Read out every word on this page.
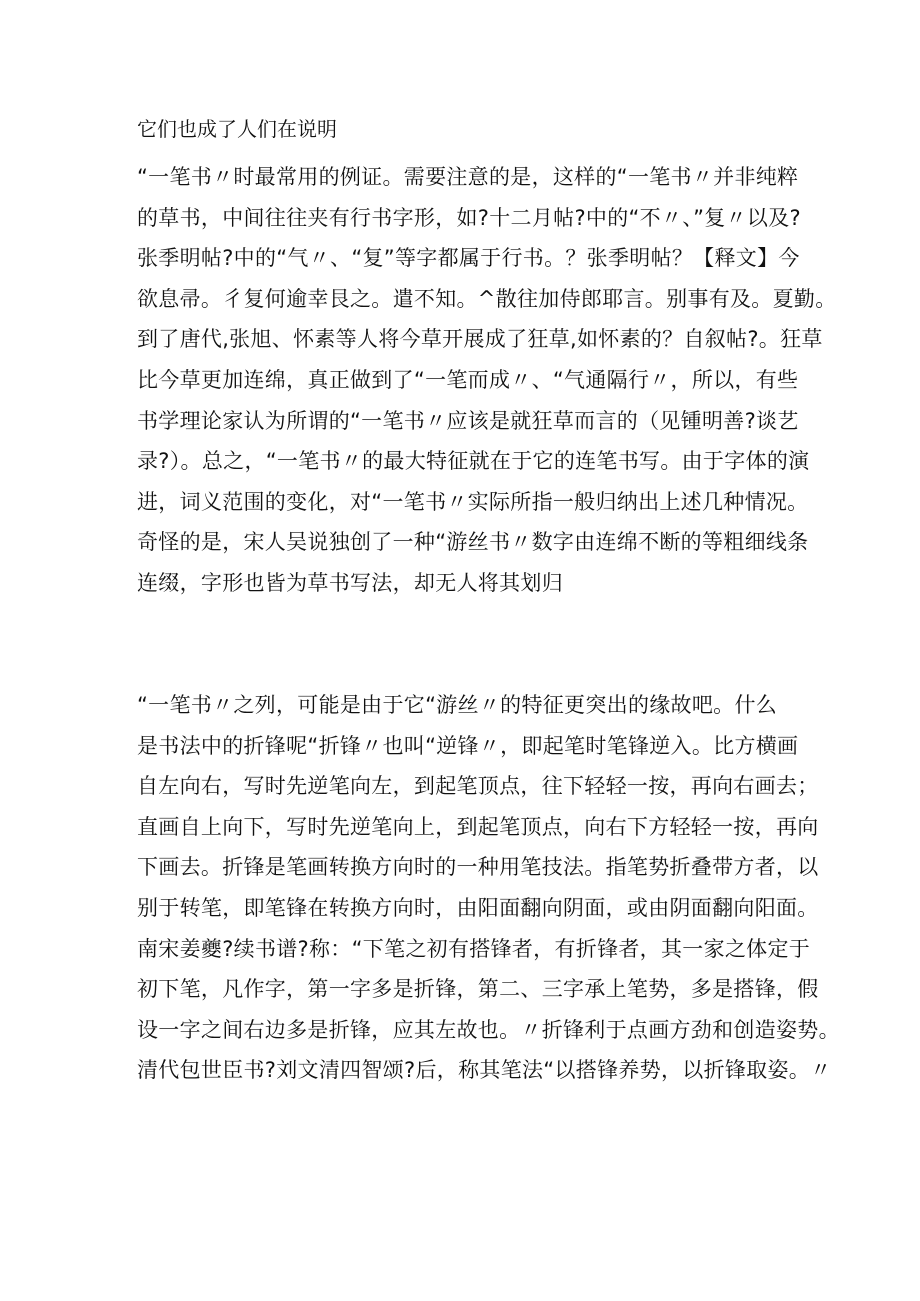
它们也成了人们在说明
“一笔书〃时最常用的例证。需要注意的是，这样的“一笔书〃并非纯粹
的草书，中间往往夹有行书字形，如?十二月帖?中的“不〃、”复〃以及?
张季明帖?中的“气〃、“复”等字都属于行书。？张季明帖？【释文】今
欲息帚。彳复何逾幸艮之。遣不知。^散往加侍郎耶言。别事有及。夏勤。
到了唐代,张旭、怀素等人将今草开展成了狂草,如怀素的？自叙帖?。狂草
比今草更加连绵，真正做到了“一笔而成〃、“气通隔行〃，所以，有些
书学理论家认为所谓的“一笔书〃应该是就狂草而言的（见锺明善?谈艺
录?）。总之，“一笔书〃的最大特征就在于它的连笔书写。由于字体的演
进，词义范围的变化，对“一笔书〃实际所指一般归纳出上述几种情况。
奇怪的是，宋人吴说独创了一种“游丝书〃数字由连绵不断的等粗细线条
连缀，字形也皆为草书写法，却无人将其划归
“一笔书〃之列，可能是由于它“游丝〃的特征更突出的缘故吧。什么
是书法中的折锋呢“折锋〃也叫“逆锋〃，即起笔时笔锋逆入。比方横画
自左向右，写时先逆笔向左，到起笔顶点，往下轻轻一按，再向右画去；
直画自上向下，写时先逆笔向上，到起笔顶点，向右下方轻轻一按，再向
下画去。折锋是笔画转换方向时的一种用笔技法。指笔势折叠带方者，以
别于转笔，即笔锋在转换方向时，由阳面翻向阴面，或由阴面翻向阳面。
南宋姜夔?续书谱?称：“下笔之初有搭锋者，有折锋者，其一家之体定于
初下笔，凡作字，第一字多是折锋，第二、三字承上笔势，多是搭锋，假
设一字之间右边多是折锋，应其左故也。〃折锋利于点画方劲和创造姿势。
清代包世臣书?刘文清四智颂?后，称其笔法“以搭锋养势，以折锋取姿。〃
